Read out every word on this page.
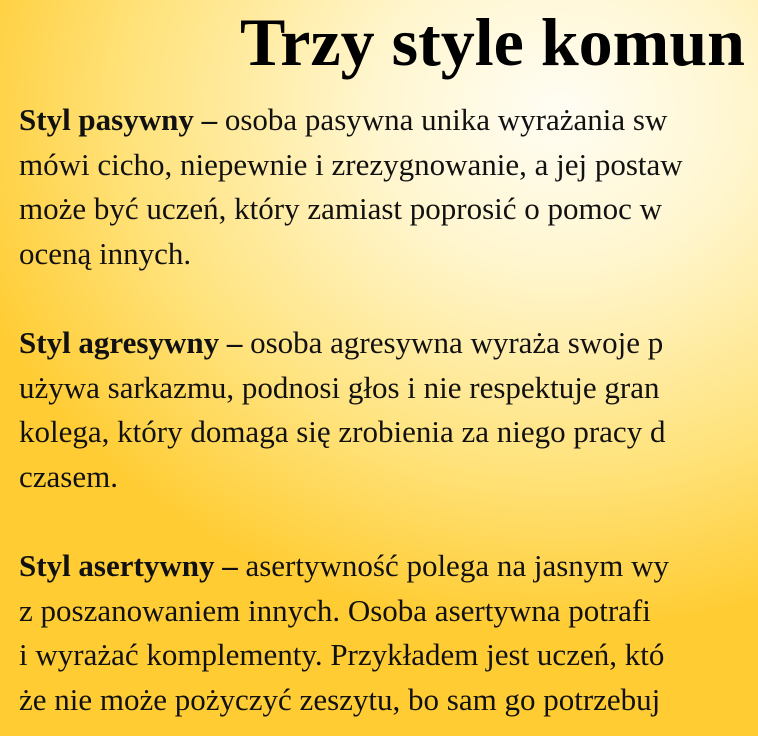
Trzy style komun
Styl pasywny – osoba pasywna unika wyrażania sw
mówi cicho, niepewnie i zrezygnowanie, a jej postaw
może być uczeń, który zamiast poprosić o pomoc w
oceną innych.
Styl agresywny – osoba agresywna wyraża swoje p
używa sarkazmu, podnosi głos i nie respektuje gran
kolega, który domaga się zrobienia za niego pracy d
czasem.
Styl asertywny – asertywność polega na jasnym wy
z poszanowaniem innych. Osoba asertywna potrafi
i wyrażać komplementy. Przykładem jest uczeń, któ
że nie może pożyczyć zeszytu, bo sam go potrzebuj
